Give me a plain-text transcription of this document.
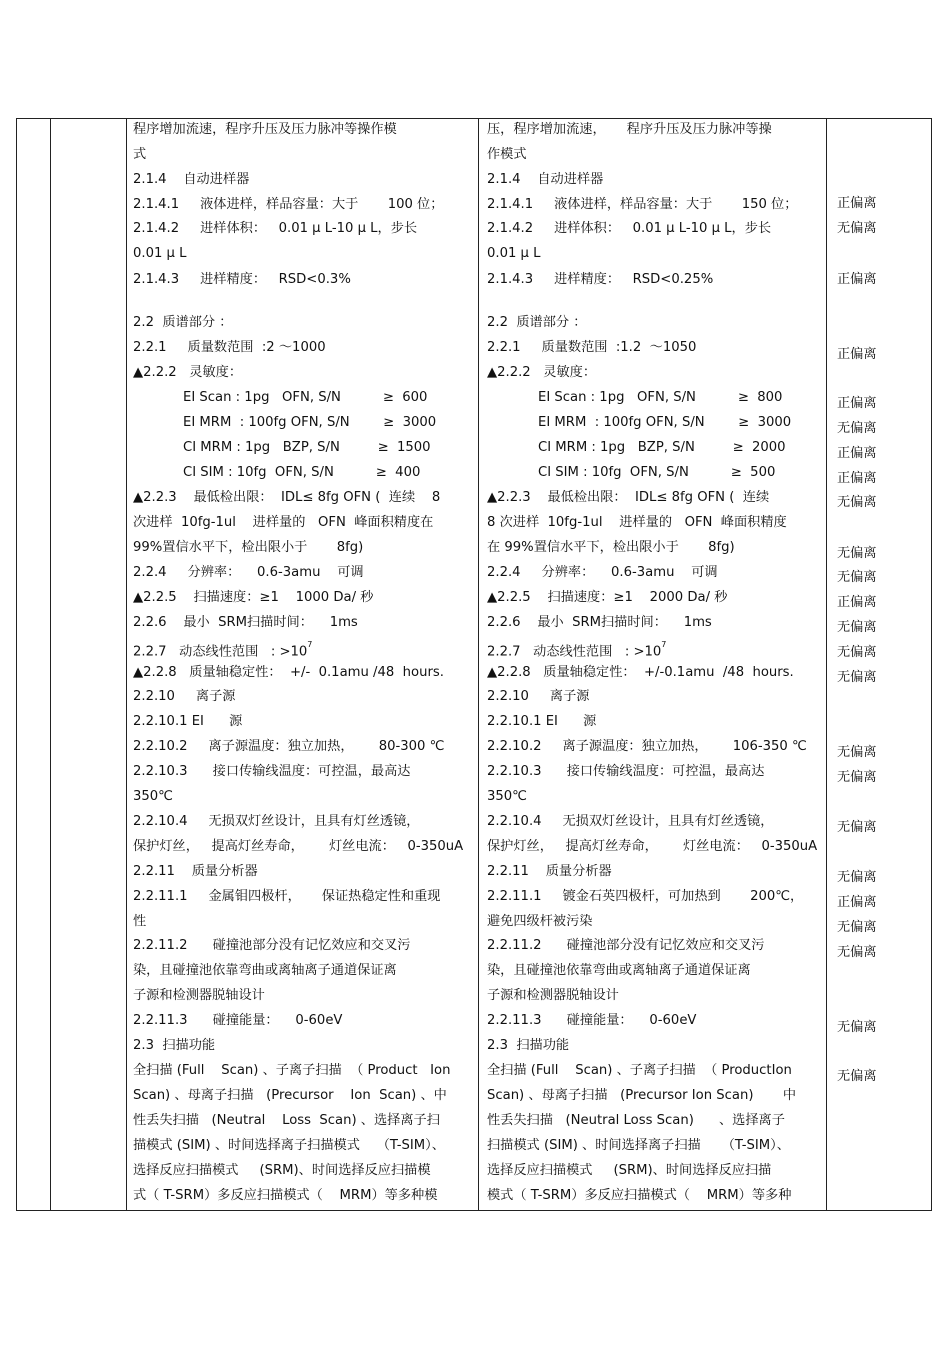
程序增加流速，程序升压及压力脉冲等操作模
式
2.1.4    自动进样器
2.1.4.1     液体进样，样品容量：大于       100 位；
2.1.4.2     进样体积：   0.01 μ L-10 μ L，步长
0.01 μ L
2.1.4.3     进样精度：   RSD<0.3%
2.2  质谱部分 ：
2.2.1     质量数范围  :2 ～1000
▲2.2.2   灵敏度：
EI Scan : 1pg   OFN, S/N          ≥  600
EI MRM  : 100fg OFN, S/N        ≥  3000
CI MRM : 1pg   BZP, S/N         ≥  1500
CI SIM : 10fg  OFN, S/N          ≥  400
▲2.2.3    最低检出限：  IDL≤ 8fg OFN (  连续    8
次进样  10fg-1ul    进样量的   OFN  峰面积精度在
99%置信水平下，检出限小于       8fg)
2.2.4     分辨率：    0.6-3amu    可调
▲2.2.5    扫描速度：≥1    1000 Da/ 秒
2.2.6    最小  SRM扫描时间：    1ms
2.2.7   动态线性范围   : $>10^7$
▲2.2.8   质量轴稳定性：  +/-  0.1amu /48  hours.
2.2.10     离子源
2.2.10.1 EI      源
2.2.10.2     离子源温度：独立加热，      80-300 ℃
2.2.10.3      接口传输线温度：可控温，最高达
350℃
2.2.10.4     无损双灯丝设计，且具有灯丝透镜，
保护灯丝，   提高灯丝寿命，      灯丝电流：   0-350uA
2.2.11    质量分析器
2.2.11.1     金属钼四极杆，     保证热稳定性和重现
性
2.2.11.2      碰撞池部分没有记忆效应和交叉污
染，且碰撞池依靠弯曲或离轴离子通道保证离
子源和检测器脱轴设计
2.2.11.3      碰撞能量：    0-60eV
2.3  扫描功能
全扫描 (Full    Scan) 、子离子扫描  （ Product   Ion
Scan) 、母离子扫描   (Precursor    Ion  Scan) 、中
性丢失扫描   (Neutral    Loss  Scan) 、选择离子扫
描模式 (SIM) 、时间选择离子扫描模式    （T-SIM）、
选择反应扫描模式     (SRM)、时间选择反应扫描模
式（ T-SRM）多反应扫描模式（    MRM）等多种模
压，程序增加流速，     程序升压及压力脉冲等操
作模式
2.1.4    自动进样器
2.1.4.1     液体进样，样品容量：大于       150 位；
2.1.4.2     进样体积：   0.01 μ L-10 μ L，步长
0.01 μ L
2.1.4.3     进样精度：   RSD<0.25%
2.2  质谱部分 ：
2.2.1     质量数范围  :1.2  ～1050
▲2.2.2   灵敏度：
EI Scan : 1pg   OFN, S/N          ≥  800
EI MRM  : 100fg OFN, S/N        ≥  3000
CI MRM : 1pg   BZP, S/N         ≥  2000
CI SIM : 10fg  OFN, S/N          ≥  500
▲2.2.3    最低检出限：  IDL≤ 8fg OFN (  连续
8 次进样  10fg-1ul    进样量的   OFN  峰面积精度
在 99%置信水平下，检出限小于       8fg)
2.2.4     分辨率：    0.6-3amu    可调
▲2.2.5    扫描速度：≥1    2000 Da/ 秒
2.2.6    最小  SRM扫描时间：    1ms
2.2.7   动态线性范围   : $>10^7$
▲2.2.8   质量轴稳定性：  +/-0.1amu  /48  hours.
2.2.10     离子源
2.2.10.1 EI      源
2.2.10.2     离子源温度：独立加热，      106-350 ℃
2.2.10.3      接口传输线温度：可控温，最高达
350℃
2.2.10.4     无损双灯丝设计，且具有灯丝透镜，
保护灯丝，   提高灯丝寿命，      灯丝电流：   0-350uA
2.2.11    质量分析器
2.2.11.1     镀金石英四极杆，可加热到       200℃，
避免四级杆被污染
2.2.11.2      碰撞池部分没有记忆效应和交叉污
染，且碰撞池依靠弯曲或离轴离子通道保证离
子源和检测器脱轴设计
2.2.11.3      碰撞能量：    0-60eV
2.3  扫描功能
全扫描 (Full    Scan) 、子离子扫描  （ ProductIon
Scan) 、母离子扫描   (Precursor Ion Scan)       中
性丢失扫描   (Neutral Loss Scan)      、选择离子
扫描模式 (SIM) 、时间选择离子扫描     （T-SIM）、
选择反应扫描模式     (SRM)、时间选择反应扫描
模式（ T-SRM）多反应扫描模式（    MRM）等多种
正偏离
无偏离
正偏离
正偏离
正偏离
无偏离
正偏离
正偏离
无偏离
无偏离
无偏离
正偏离
无偏离
无偏离
无偏离
无偏离
无偏离
无偏离
无偏离
正偏离
无偏离
无偏离
无偏离
无偏离
